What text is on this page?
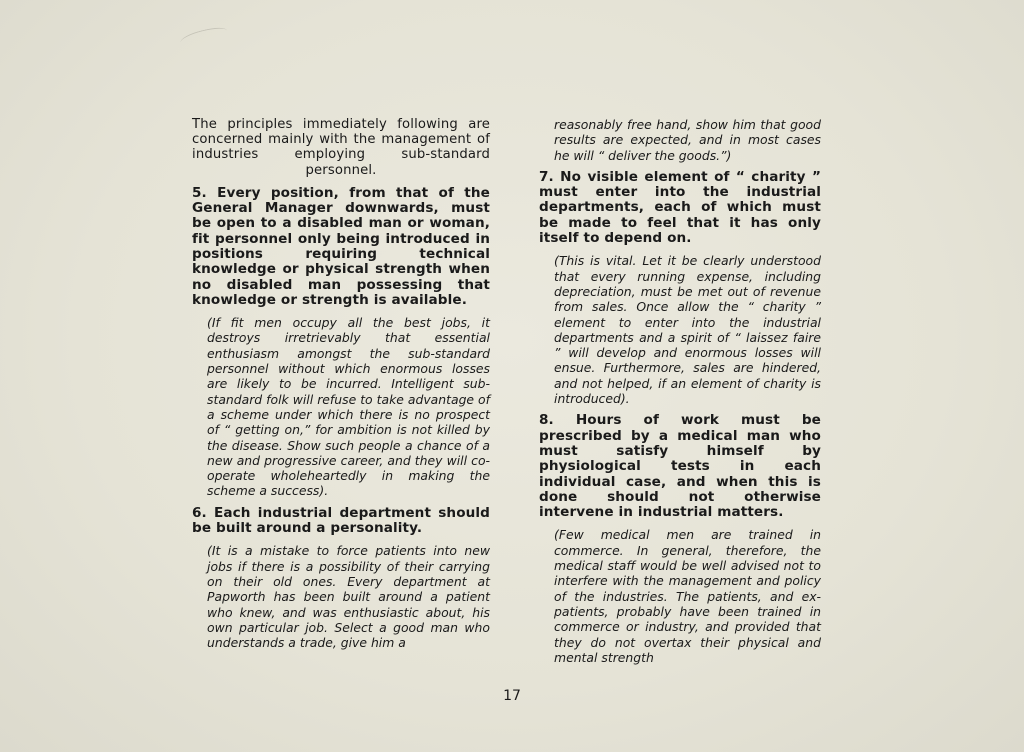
The principles immediately following are concerned mainly with the management of industries employing sub-standard personnel.

5. Every position, from that of the General Manager downwards, must be open to a disabled man or woman, fit personnel only being introduced in positions requiring technical knowledge or physical strength when no disabled man possessing that knowledge or strength is available.

(If fit men occupy all the best jobs, it destroys irretrievably that essential enthusiasm amongst the sub-standard personnel without which enormous losses are likely to be incurred. Intelligent sub-standard folk will refuse to take advantage of a scheme under which there is no prospect of “ getting on,” for ambition is not killed by the disease. Show such people a chance of a new and progressive career, and they will co-operate wholeheartedly in making the scheme a success).

6. Each industrial department should be built around a personality.

(It is a mistake to force patients into new jobs if there is a possibility of their carrying on their old ones. Every department at Papworth has been built around a patient who knew, and was enthusiastic about, his own particular job. Select a good man who understands a trade, give him a

reasonably free hand, show him that good results are expected, and in most cases he will “ deliver the goods.”)

7. No visible element of “ charity ” must enter into the industrial departments, each of which must be made to feel that it has only itself to depend on.

(This is vital. Let it be clearly understood that every running expense, including depreciation, must be met out of revenue from sales. Once allow the “ charity ” element to enter into the industrial departments and a spirit of “ laissez faire ” will develop and enormous losses will ensue. Furthermore, sales are hindered, and not helped, if an element of charity is introduced).

8. Hours of work must be prescribed by a medical man who must satisfy himself by physiological tests in each individual case, and when this is done should not otherwise intervene in industrial matters.

(Few medical men are trained in commerce. In general, therefore, the medical staff would be well advised not to interfere with the management and policy of the industries. The patients, and ex-patients, probably have been trained in commerce or industry, and provided that they do not overtax their physical and mental strength

17
